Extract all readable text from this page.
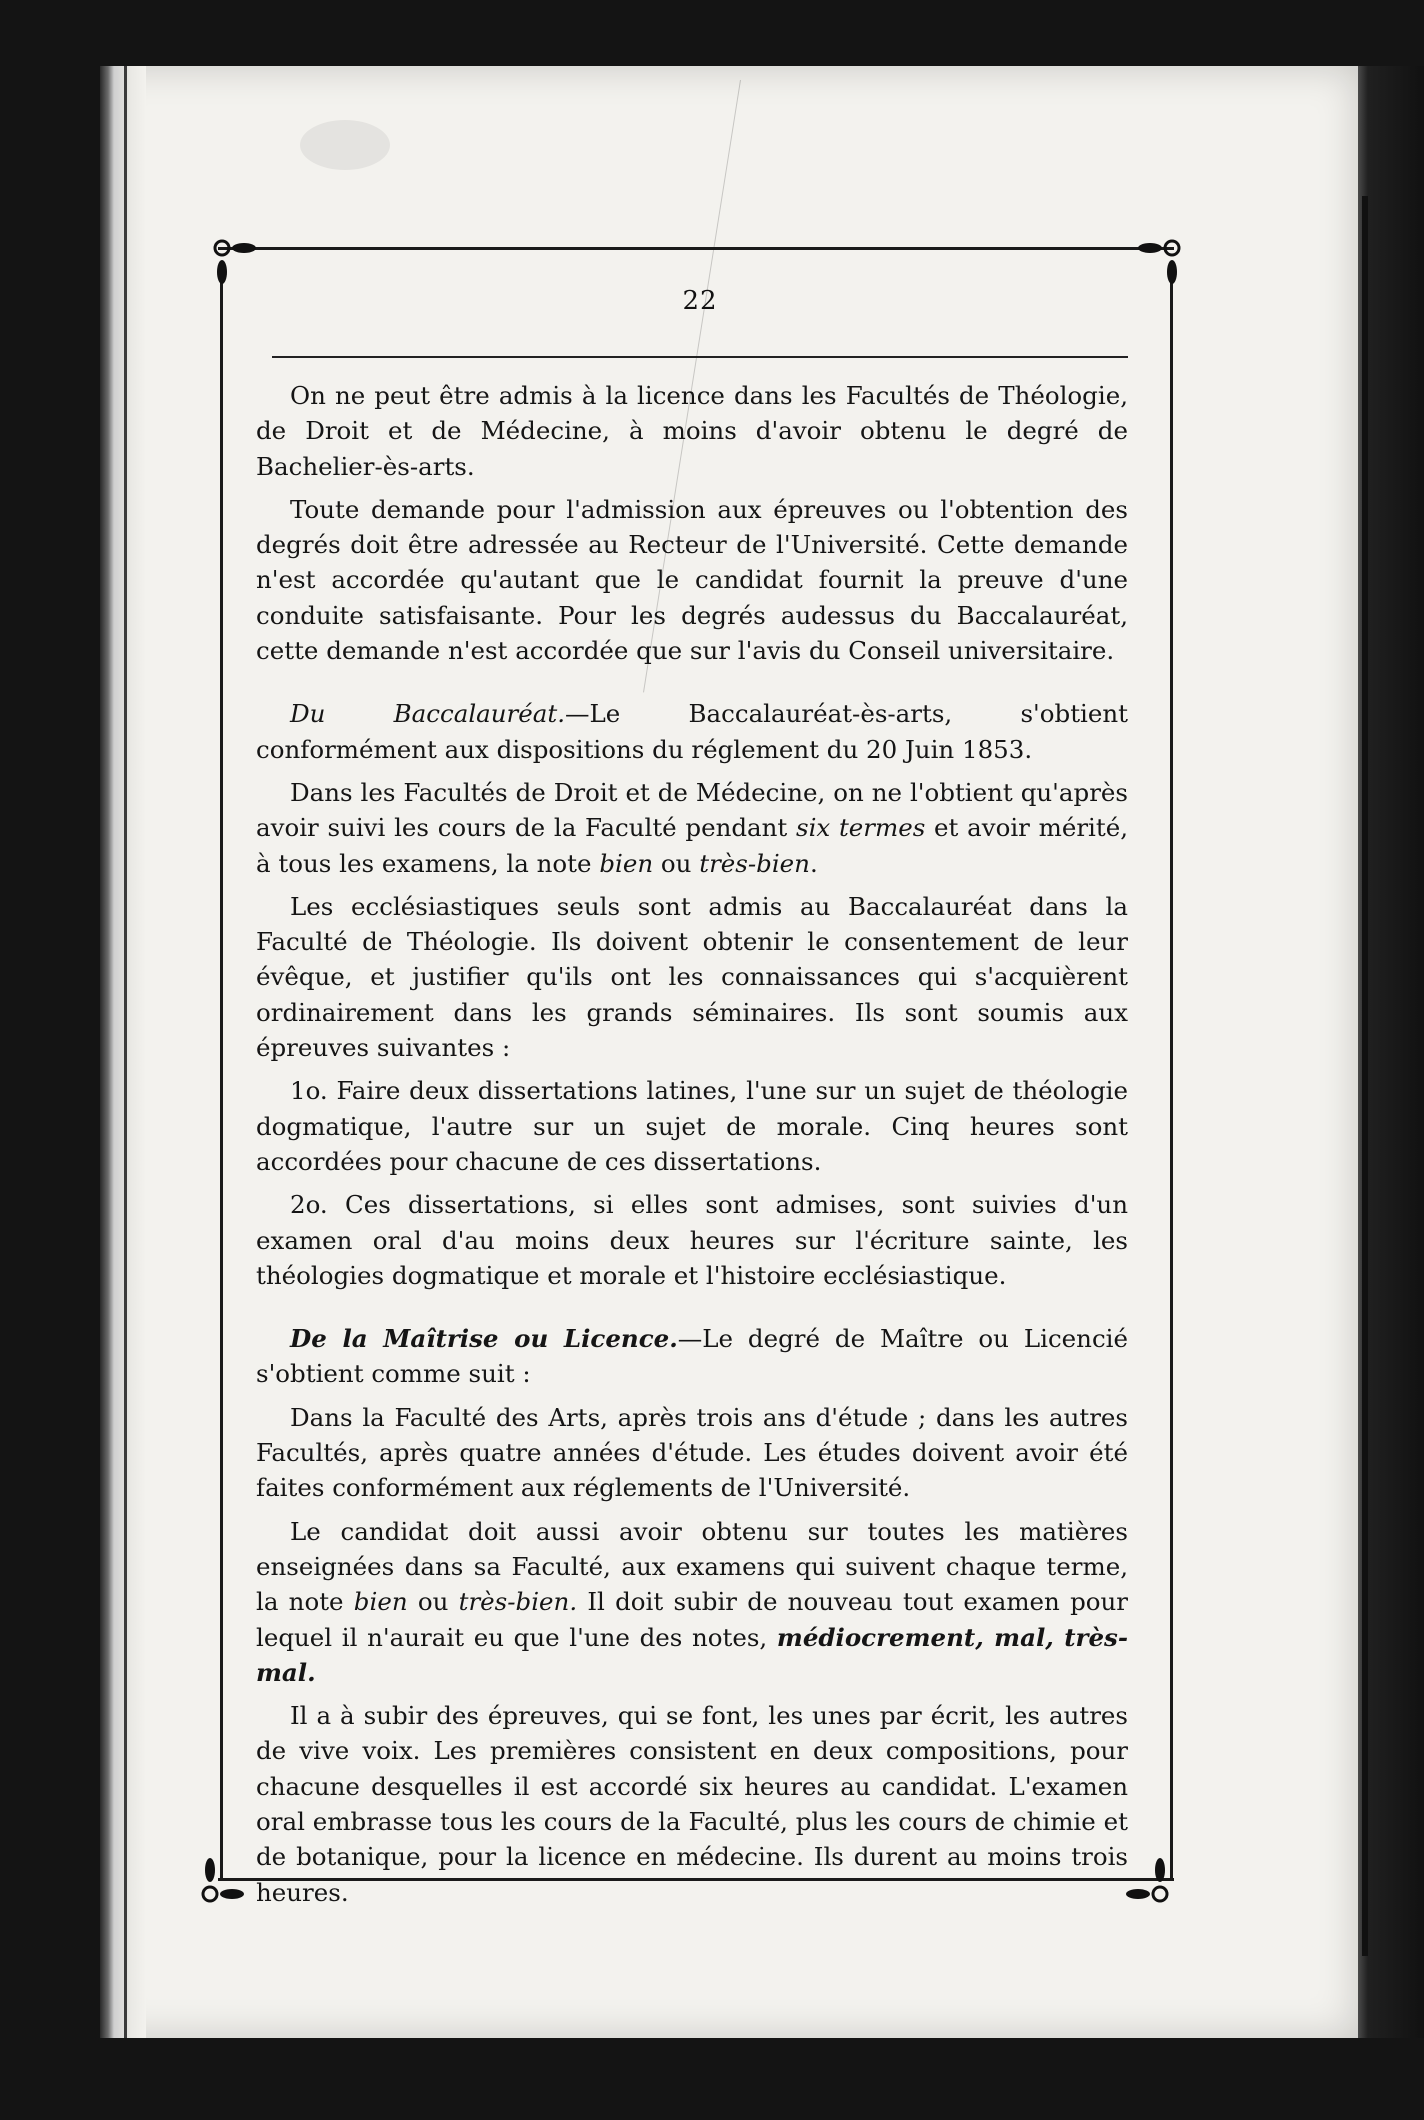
22

On ne peut être admis à la licence dans les Facultés de Théologie, de Droit et de Médecine, à moins d'avoir obtenu le degré de Bachelier-ès-arts.

Toute demande pour l'admission aux épreuves ou l'obtention des degrés doit être adressée au Recteur de l'Université. Cette demande n'est accordée qu'autant que le candidat fournit la preuve d'une conduite satisfaisante. Pour les degrés audessus du Baccalauréat, cette demande n'est accordée que sur l'avis du Conseil universitaire.

Du Baccalauréat.—Le Baccalauréat-ès-arts, s'obtient conformément aux dispositions du réglement du 20 Juin 1853.

Dans les Facultés de Droit et de Médecine, on ne l'obtient qu'après avoir suivi les cours de la Faculté pendant six termes et avoir mérité, à tous les examens, la note bien ou très-bien.

Les ecclésiastiques seuls sont admis au Baccalauréat dans la Faculté de Théologie. Ils doivent obtenir le consentement de leur évêque, et justifier qu'ils ont les connaissances qui s'acquièrent ordinairement dans les grands séminaires. Ils sont soumis aux épreuves suivantes :

1o. Faire deux dissertations latines, l'une sur un sujet de théologie dogmatique, l'autre sur un sujet de morale. Cinq heures sont accordées pour chacune de ces dissertations.

2o. Ces dissertations, si elles sont admises, sont suivies d'un examen oral d'au moins deux heures sur l'écriture sainte, les théologies dogmatique et morale et l'histoire ecclésiastique.

De la Maîtrise ou Licence.—Le degré de Maître ou Licencié s'obtient comme suit :

Dans la Faculté des Arts, après trois ans d'étude ; dans les autres Facultés, après quatre années d'étude. Les études doivent avoir été faites conformément aux réglements de l'Université.

Le candidat doit aussi avoir obtenu sur toutes les matières enseignées dans sa Faculté, aux examens qui suivent chaque terme, la note bien ou très-bien. Il doit subir de nouveau tout examen pour lequel il n'aurait eu que l'une des notes, médiocrement, mal, très-mal.

Il a à subir des épreuves, qui se font, les unes par écrit, les autres de vive voix. Les premières consistent en deux compositions, pour chacune desquelles il est accordé six heures au candidat. L'examen oral embrasse tous les cours de la Faculté, plus les cours de chimie et de botanique, pour la licence en médecine. Ils durent au moins trois heures.
